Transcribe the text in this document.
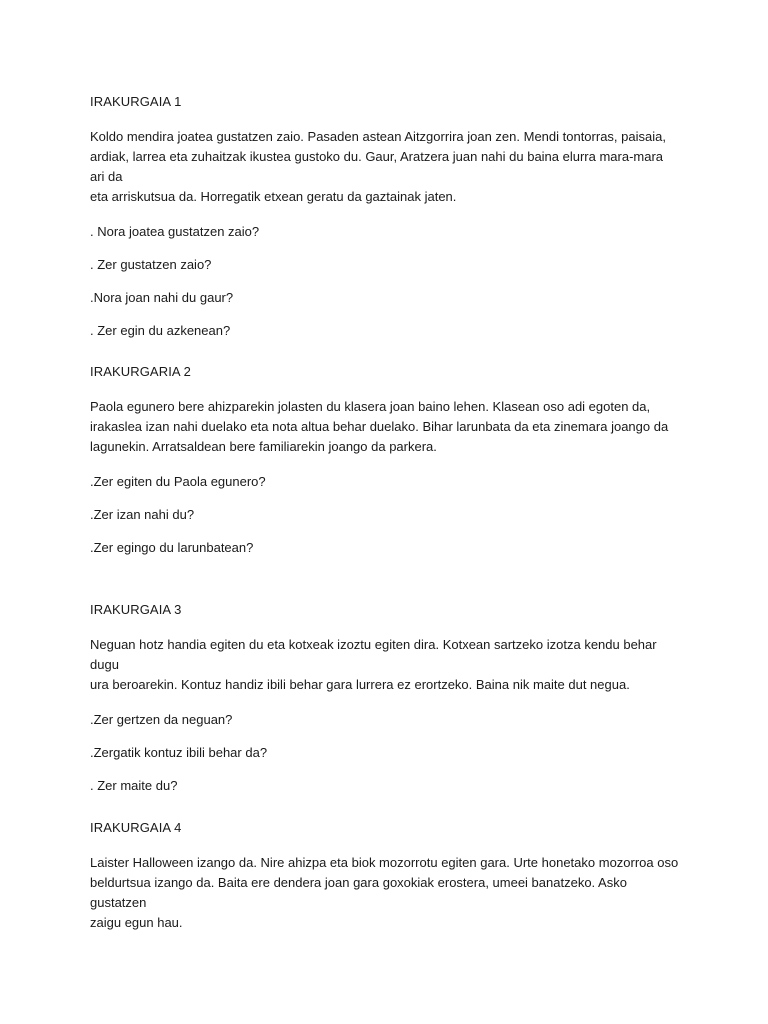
IRAKURGAIA 1

Koldo mendira joatea gustatzen zaio. Pasaden astean Aitzgorrira joan zen. Mendi tontorras, paisaia,

ardiak, larrea eta zuhaitzak ikustea gustoko du. Gaur, Aratzera juan nahi du baina elurra mara-mara ari da

eta arriskutsua da. Horregatik etxean geratu da gaztainak jaten.

. Nora joatea gustatzen zaio?

. Zer gustatzen zaio?

.Nora joan nahi du gaur?

. Zer egin du azkenean?

IRAKURGARIA 2

Paola egunero bere ahizparekin jolasten du klasera joan baino lehen. Klasean oso adi egoten da,

irakaslea izan nahi duelako eta nota altua behar duelako. Bihar larunbata da eta zinemara joango da

lagunekin. Arratsaldean bere familiarekin joango da parkera.

.Zer egiten du Paola egunero?

.Zer izan nahi du?

.Zer egingo du larunbatean?

IRAKURGAIA 3

Neguan hotz handia egiten du eta kotxeak izoztu egiten dira. Kotxean sartzeko izotza kendu behar dugu

ura beroarekin. Kontuz handiz ibili behar gara lurrera ez erortzeko. Baina nik maite dut negua.

.Zer gertzen da neguan?

.Zergatik kontuz ibili behar da?

. Zer maite du?

IRAKURGAIA 4

Laister Halloween izango da. Nire ahizpa eta biok mozorrotu egiten gara. Urte honetako mozorroa oso

beldurtsua izango da. Baita ere dendera joan gara goxokiak erostera, umeei banatzeko. Asko gustatzen

zaigu egun hau.
